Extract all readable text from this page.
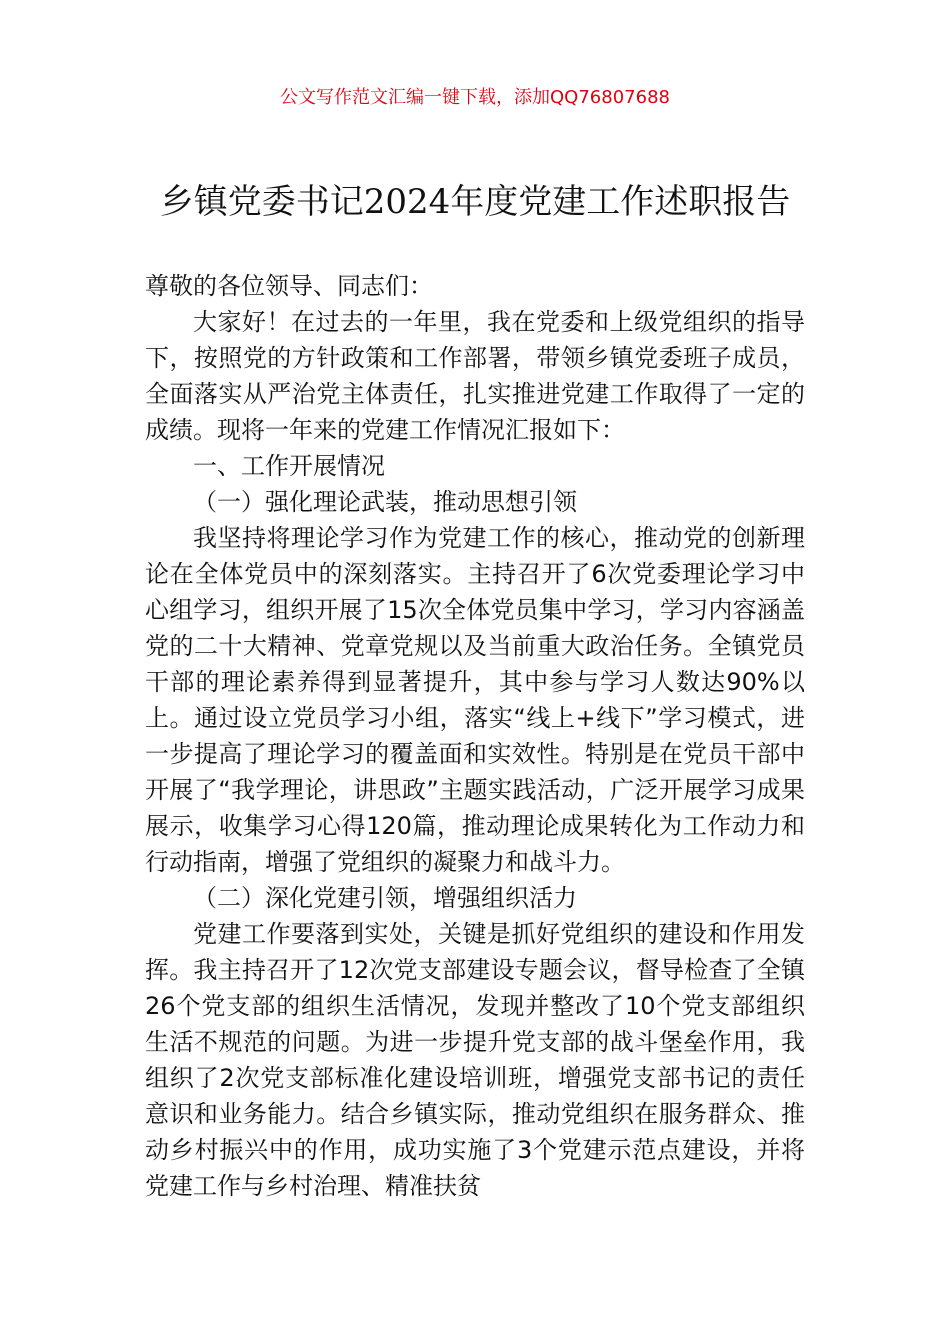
公文写作范文汇编一键下载，添加QQ76807688
乡镇党委书记2024年度党建工作述职报告

尊敬的各位领导、同志们：

大家好！在过去的一年里，我在党委和上级党组织的指导下，按照党的方针政策和工作部署，带领乡镇党委班子成员，全面落实从严治党主体责任，扎实推进党建工作取得了一定的成绩。现将一年来的党建工作情况汇报如下：

一、工作开展情况

（一）强化理论武装，推动思想引领

我坚持将理论学习作为党建工作的核心，推动党的创新理论在全体党员中的深刻落实。主持召开了6次党委理论学习中心组学习，组织开展了15次全体党员集中学习，学习内容涵盖党的二十大精神、党章党规以及当前重大政治任务。全镇党员干部的理论素养得到显著提升，其中参与学习人数达90%以上。通过设立党员学习小组，落实“线上+线下”学习模式，进一步提高了理论学习的覆盖面和实效性。特别是在党员干部中开展了“我学理论，讲思政”主题实践活动，广泛开展学习成果展示，收集学习心得120篇，推动理论成果转化为工作动力和行动指南，增强了党组织的凝聚力和战斗力。

（二）深化党建引领，增强组织活力

党建工作要落到实处，关键是抓好党组织的建设和作用发挥。我主持召开了12次党支部建设专题会议，督导检查了全镇26个党支部的组织生活情况，发现并整改了10个党支部组织生活不规范的问题。为进一步提升党支部的战斗堡垒作用，我组织了2次党支部标准化建设培训班，增强党支部书记的责任意识和业务能力。结合乡镇实际，推动党组织在服务群众、推动乡村振兴中的作用，成功实施了3个党建示范点建设，并将党建工作与乡村治理、精准扶贫
